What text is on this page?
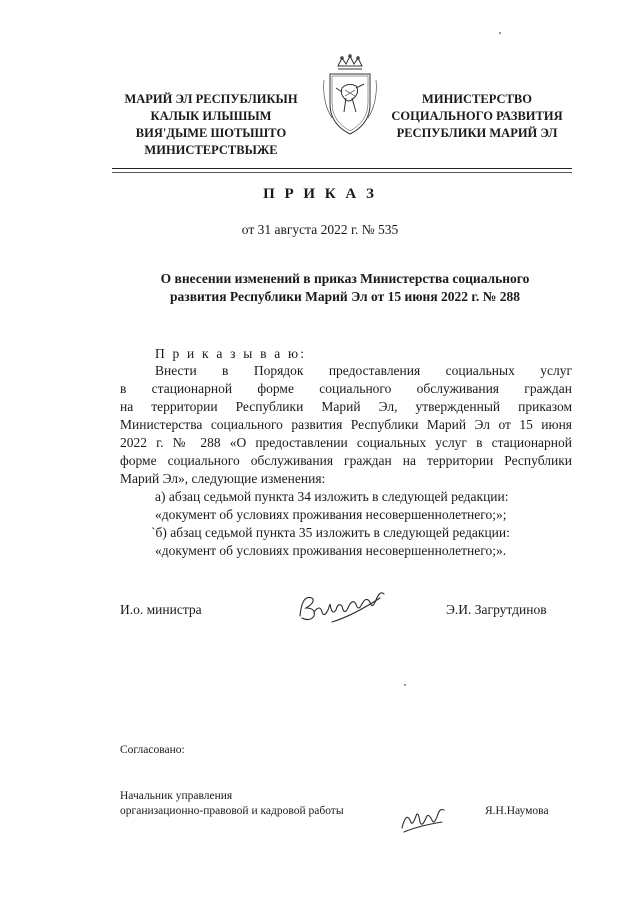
МАРИЙ ЭЛ РЕСПУБЛИКЫН
КАЛЫК ИЛЫШЫМ
ВИЯ'ДЫМЕ ШОТЫШТО
МИНИСТЕРСТВЫЖЕ
МИНИСТЕРСТВО
СОЦИАЛЬНОГО РАЗВИТИЯ
РЕСПУБЛИКИ МАРИЙ ЭЛ
П Р И К А З
от 31 августа 2022 г. № 535
О внесении изменений в приказ Министерства социального
развития Республики Марий Эл от 15 июня 2022 г. № 288
П р и к а з ы в а ю:
Внести в Порядок предоставления социальных услуг
в стационарной форме социального обслуживания граждан
на территории Республики Марий Эл, утвержденный приказом
Министерства социального развития Республики Марий Эл от 15 июня
2022 г. № 288 «О предоставлении социальных услуг в стационарной
форме социального обслуживания граждан на территории Республики
Марий Эл», следующие изменения:
а) абзац седьмой пункта 34 изложить в следующей редакции:
«документ об условиях проживания несовершеннолетнего;»;
`б) абзац седьмой пункта 35 изложить в следующей редакции:
«документ об условиях проживания несовершеннолетнего;».
И.о. министра	Э.И. Загрутдинов
Согласовано:
Начальник управления
организационно-правовой и кадровой работы	Я.Н.Наумова
